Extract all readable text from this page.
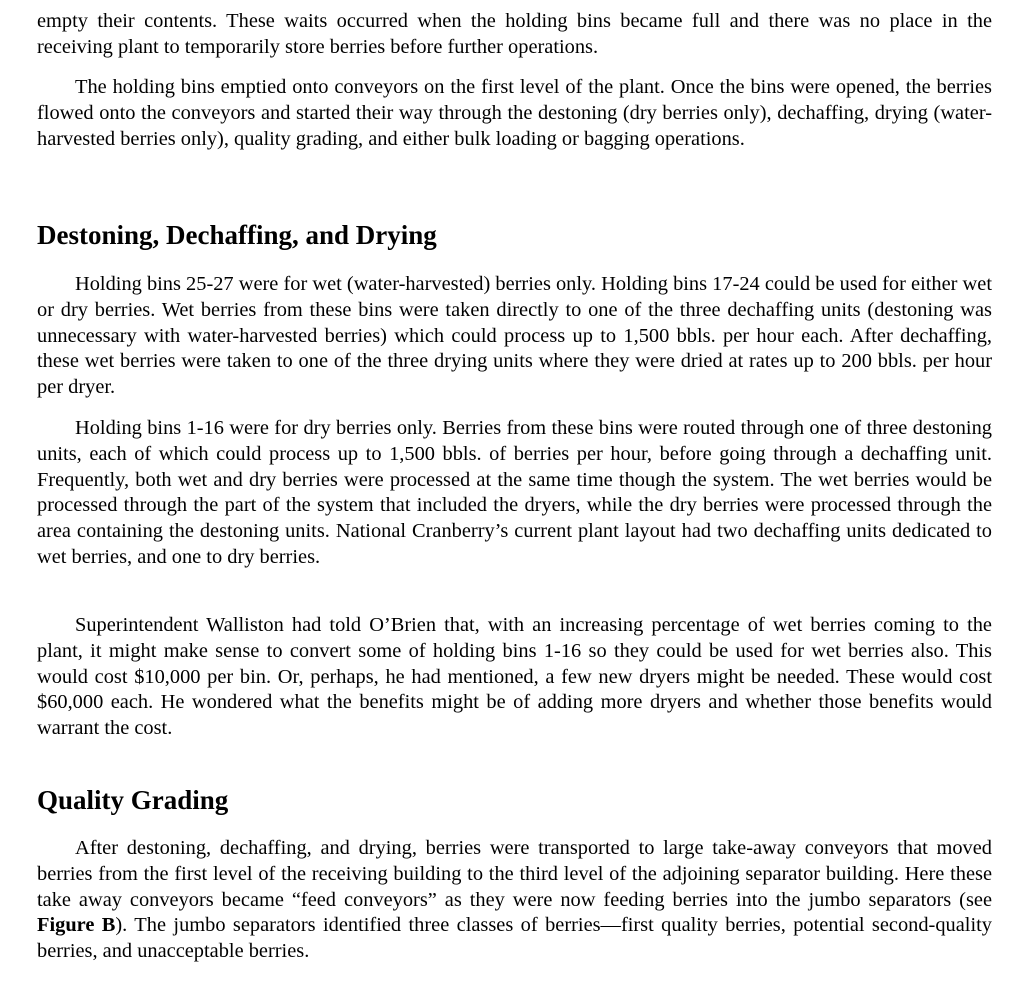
empty their contents. These waits occurred when the holding bins became full and there was no place in the receiving plant to temporarily store berries before further operations.

The holding bins emptied onto conveyors on the first level of the plant. Once the bins were opened, the berries flowed onto the conveyors and started their way through the destoning (dry berries only), dechaffing, drying (water-harvested berries only), quality grading, and either bulk loading or bagging operations.

Destoning, Dechaffing, and Drying

Holding bins 25-27 were for wet (water-harvested) berries only. Holding bins 17-24 could be used for either wet or dry berries. Wet berries from these bins were taken directly to one of the three dechaffing units (destoning was unnecessary with water-harvested berries) which could process up to 1,500 bbls. per hour each. After dechaffing, these wet berries were taken to one of the three drying units where they were dried at rates up to 200 bbls. per hour per dryer.

Holding bins 1-16 were for dry berries only. Berries from these bins were routed through one of three destoning units, each of which could process up to 1,500 bbls. of berries per hour, before going through a dechaffing unit. Frequently, both wet and dry berries were processed at the same time though the system. The wet berries would be processed through the part of the system that included the dryers, while the dry berries were processed through the area containing the destoning units. National Cranberry’s current plant layout had two dechaffing units dedicated to wet berries, and one to dry berries.

Superintendent Walliston had told O’Brien that, with an increasing percentage of wet berries coming to the plant, it might make sense to convert some of holding bins 1-16 so they could be used for wet berries also. This would cost $10,000 per bin. Or, perhaps, he had mentioned, a few new dryers might be needed. These would cost $60,000 each. He wondered what the benefits might be of adding more dryers and whether those benefits would warrant the cost.

Quality Grading

After destoning, dechaffing, and drying, berries were transported to large take-away conveyors that moved berries from the first level of the receiving building to the third level of the adjoining separator building. Here these take away conveyors became “feed conveyors” as they were now feeding berries into the jumbo separators (see Figure B). The jumbo separators identified three classes of berries—first quality berries, potential second-quality berries, and unacceptable berries.
